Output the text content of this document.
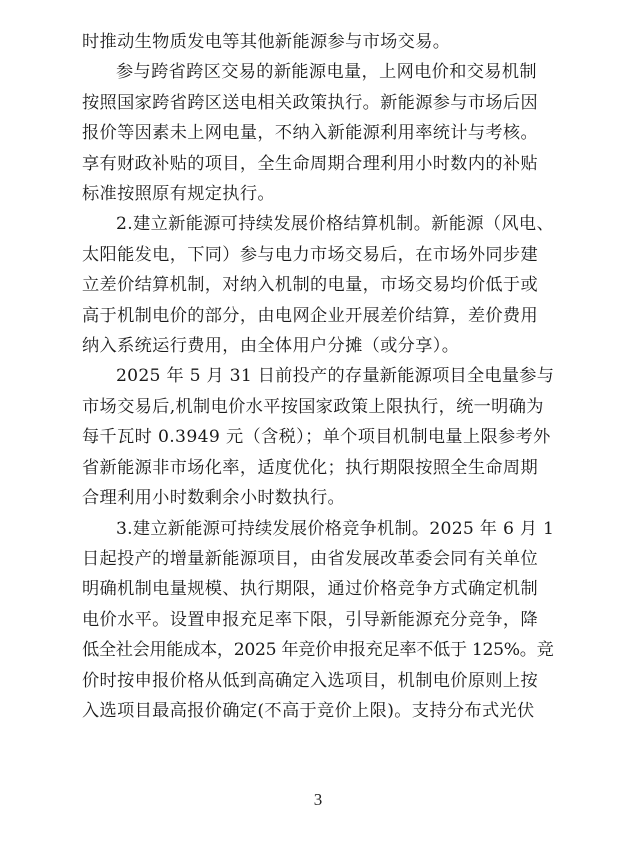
时推动生物质发电等其他新能源参与市场交易。
参与跨省跨区交易的新能源电量，上网电价和交易机制
按照国家跨省跨区送电相关政策执行。新能源参与市场后因
报价等因素未上网电量，不纳入新能源利用率统计与考核。
享有财政补贴的项目，全生命周期合理利用小时数内的补贴
标准按照原有规定执行。
2.建立新能源可持续发展价格结算机制。新能源（风电、
太阳能发电，下同）参与电力市场交易后，在市场外同步建
立差价结算机制，对纳入机制的电量，市场交易均价低于或
高于机制电价的部分，由电网企业开展差价结算，差价费用
纳入系统运行费用，由全体用户分摊（或分享）。
2025 年 5 月 31 日前投产的存量新能源项目全电量参与
市场交易后,机制电价水平按国家政策上限执行，统一明确为
每千瓦时 0.3949 元（含税）；单个项目机制电量上限参考外
省新能源非市场化率，适度优化；执行期限按照全生命周期
合理利用小时数剩余小时数执行。
3.建立新能源可持续发展价格竞争机制。2025 年 6 月 1
日起投产的增量新能源项目，由省发展改革委会同有关单位
明确机制电量规模、执行期限，通过价格竞争方式确定机制
电价水平。设置申报充足率下限，引导新能源充分竞争，降
低全社会用能成本，2025 年竞价申报充足率不低于 125%。竞
价时按申报价格从低到高确定入选项目，机制电价原则上按
入选项目最高报价确定(不高于竞价上限)。支持分布式光伏
3
